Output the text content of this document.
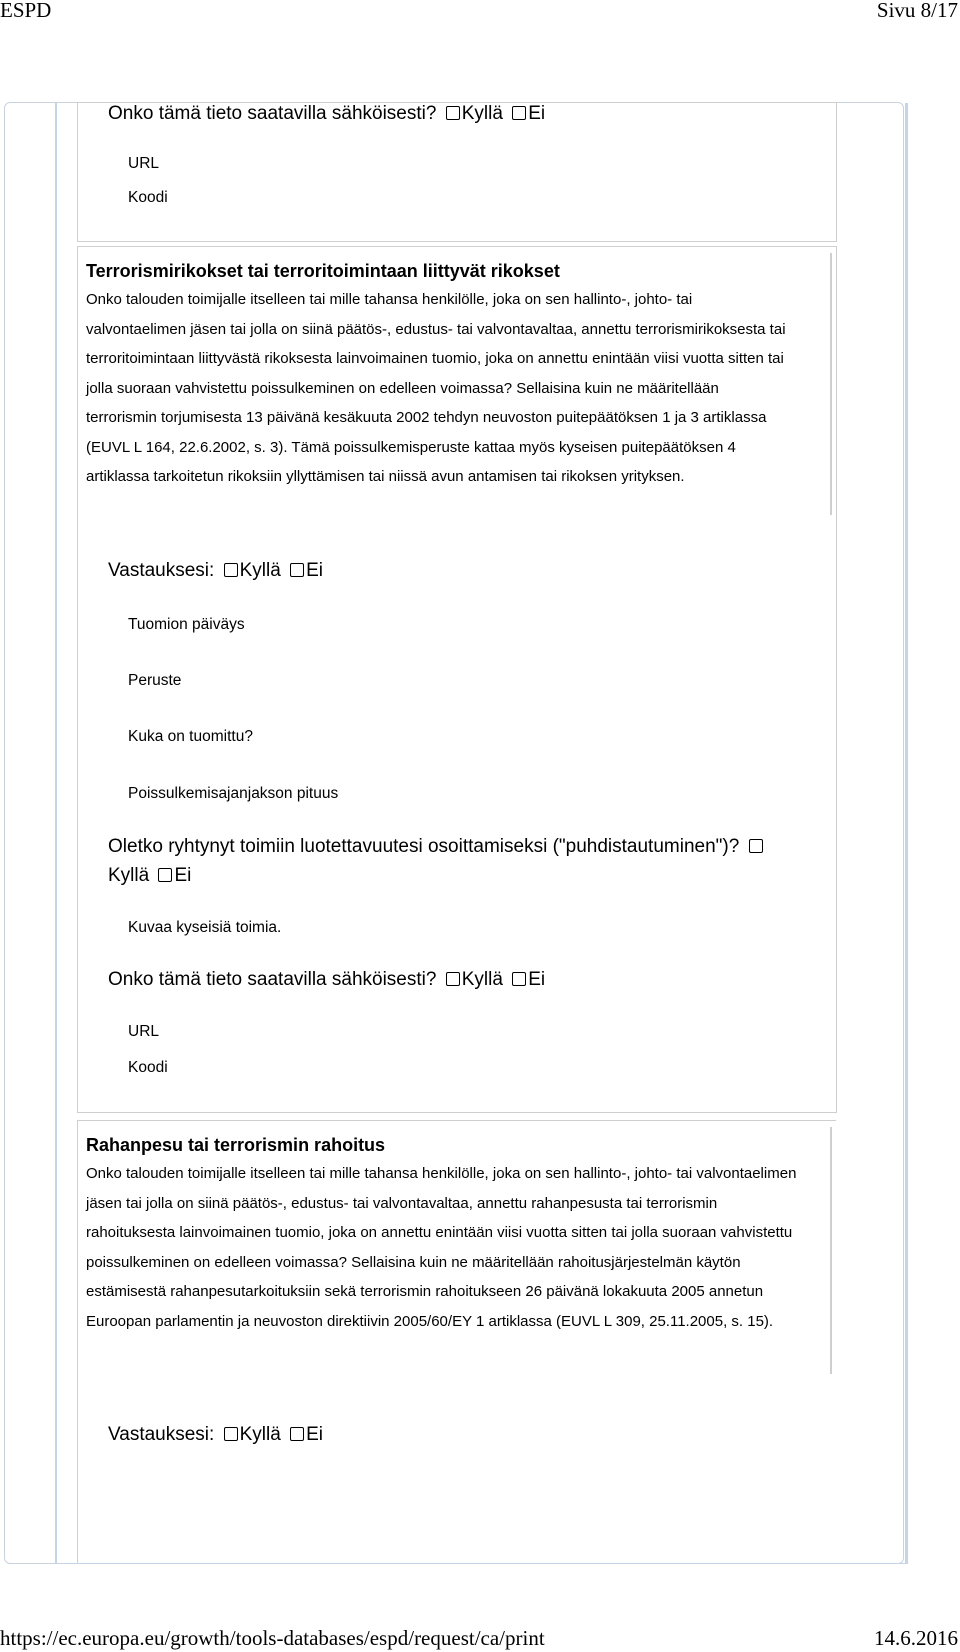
ESPD	Sivu 8/17
Onko tämä tieto saatavilla sähköisesti? Kyllä Ei
URL
Koodi
Terrorismirikokset tai terroritoimintaan liittyvät rikokset
Onko talouden toimijalle itselleen tai mille tahansa henkilölle, joka on sen hallinto-, johto- tai valvontaelimen jäsen tai jolla on siinä päätös-, edustus- tai valvontavaltaa, annettu terrorismirikoksesta tai terroritoimintaan liittyvästä rikoksesta lainvoimainen tuomio, joka on annettu enintään viisi vuotta sitten tai jolla suoraan vahvistettu poissulkeminen on edelleen voimassa? Sellaisina kuin ne määritellään terrorismin torjumisesta 13 päivänä kesäkuuta 2002 tehdyn neuvoston puitepäätöksen 1 ja 3 artiklassa (EUVL L 164, 22.6.2002, s. 3). Tämä poissulkemisperuste kattaa myös kyseisen puitepäätöksen 4 artiklassa tarkoitetun rikoksiin yllyttämisen tai niissä avun antamisen tai rikoksen yrityksen.
Vastauksesi: Kyllä Ei
Tuomion päiväys
Peruste
Kuka on tuomittu?
Poissulkemisajanjakson pituus
Oletko ryhtynyt toimiin luotettavuutesi osoittamiseksi ("puhdistautuminen")?
Kyllä Ei
Kuvaa kyseisiä toimia.
Onko tämä tieto saatavilla sähköisesti? Kyllä Ei
URL
Koodi
Rahanpesu tai terrorismin rahoitus
Onko talouden toimijalle itselleen tai mille tahansa henkilölle, joka on sen hallinto-, johto- tai valvontaelimen jäsen tai jolla on siinä päätös-, edustus- tai valvontavaltaa, annettu rahanpesusta tai terrorismin rahoituksesta lainvoimainen tuomio, joka on annettu enintään viisi vuotta sitten tai jolla suoraan vahvistettu poissulkeminen on edelleen voimassa? Sellaisina kuin ne määritellään rahoitusjärjestelmän käytön estämisestä rahanpesutarkoituksiin sekä terrorismin rahoitukseen 26 päivänä lokakuuta 2005 annetun Euroopan parlamentin ja neuvoston direktiivin 2005/60/EY 1 artiklassa (EUVL L 309, 25.11.2005, s. 15).
Vastauksesi: Kyllä Ei
https://ec.europa.eu/growth/tools-databases/espd/request/ca/print	14.6.2016
